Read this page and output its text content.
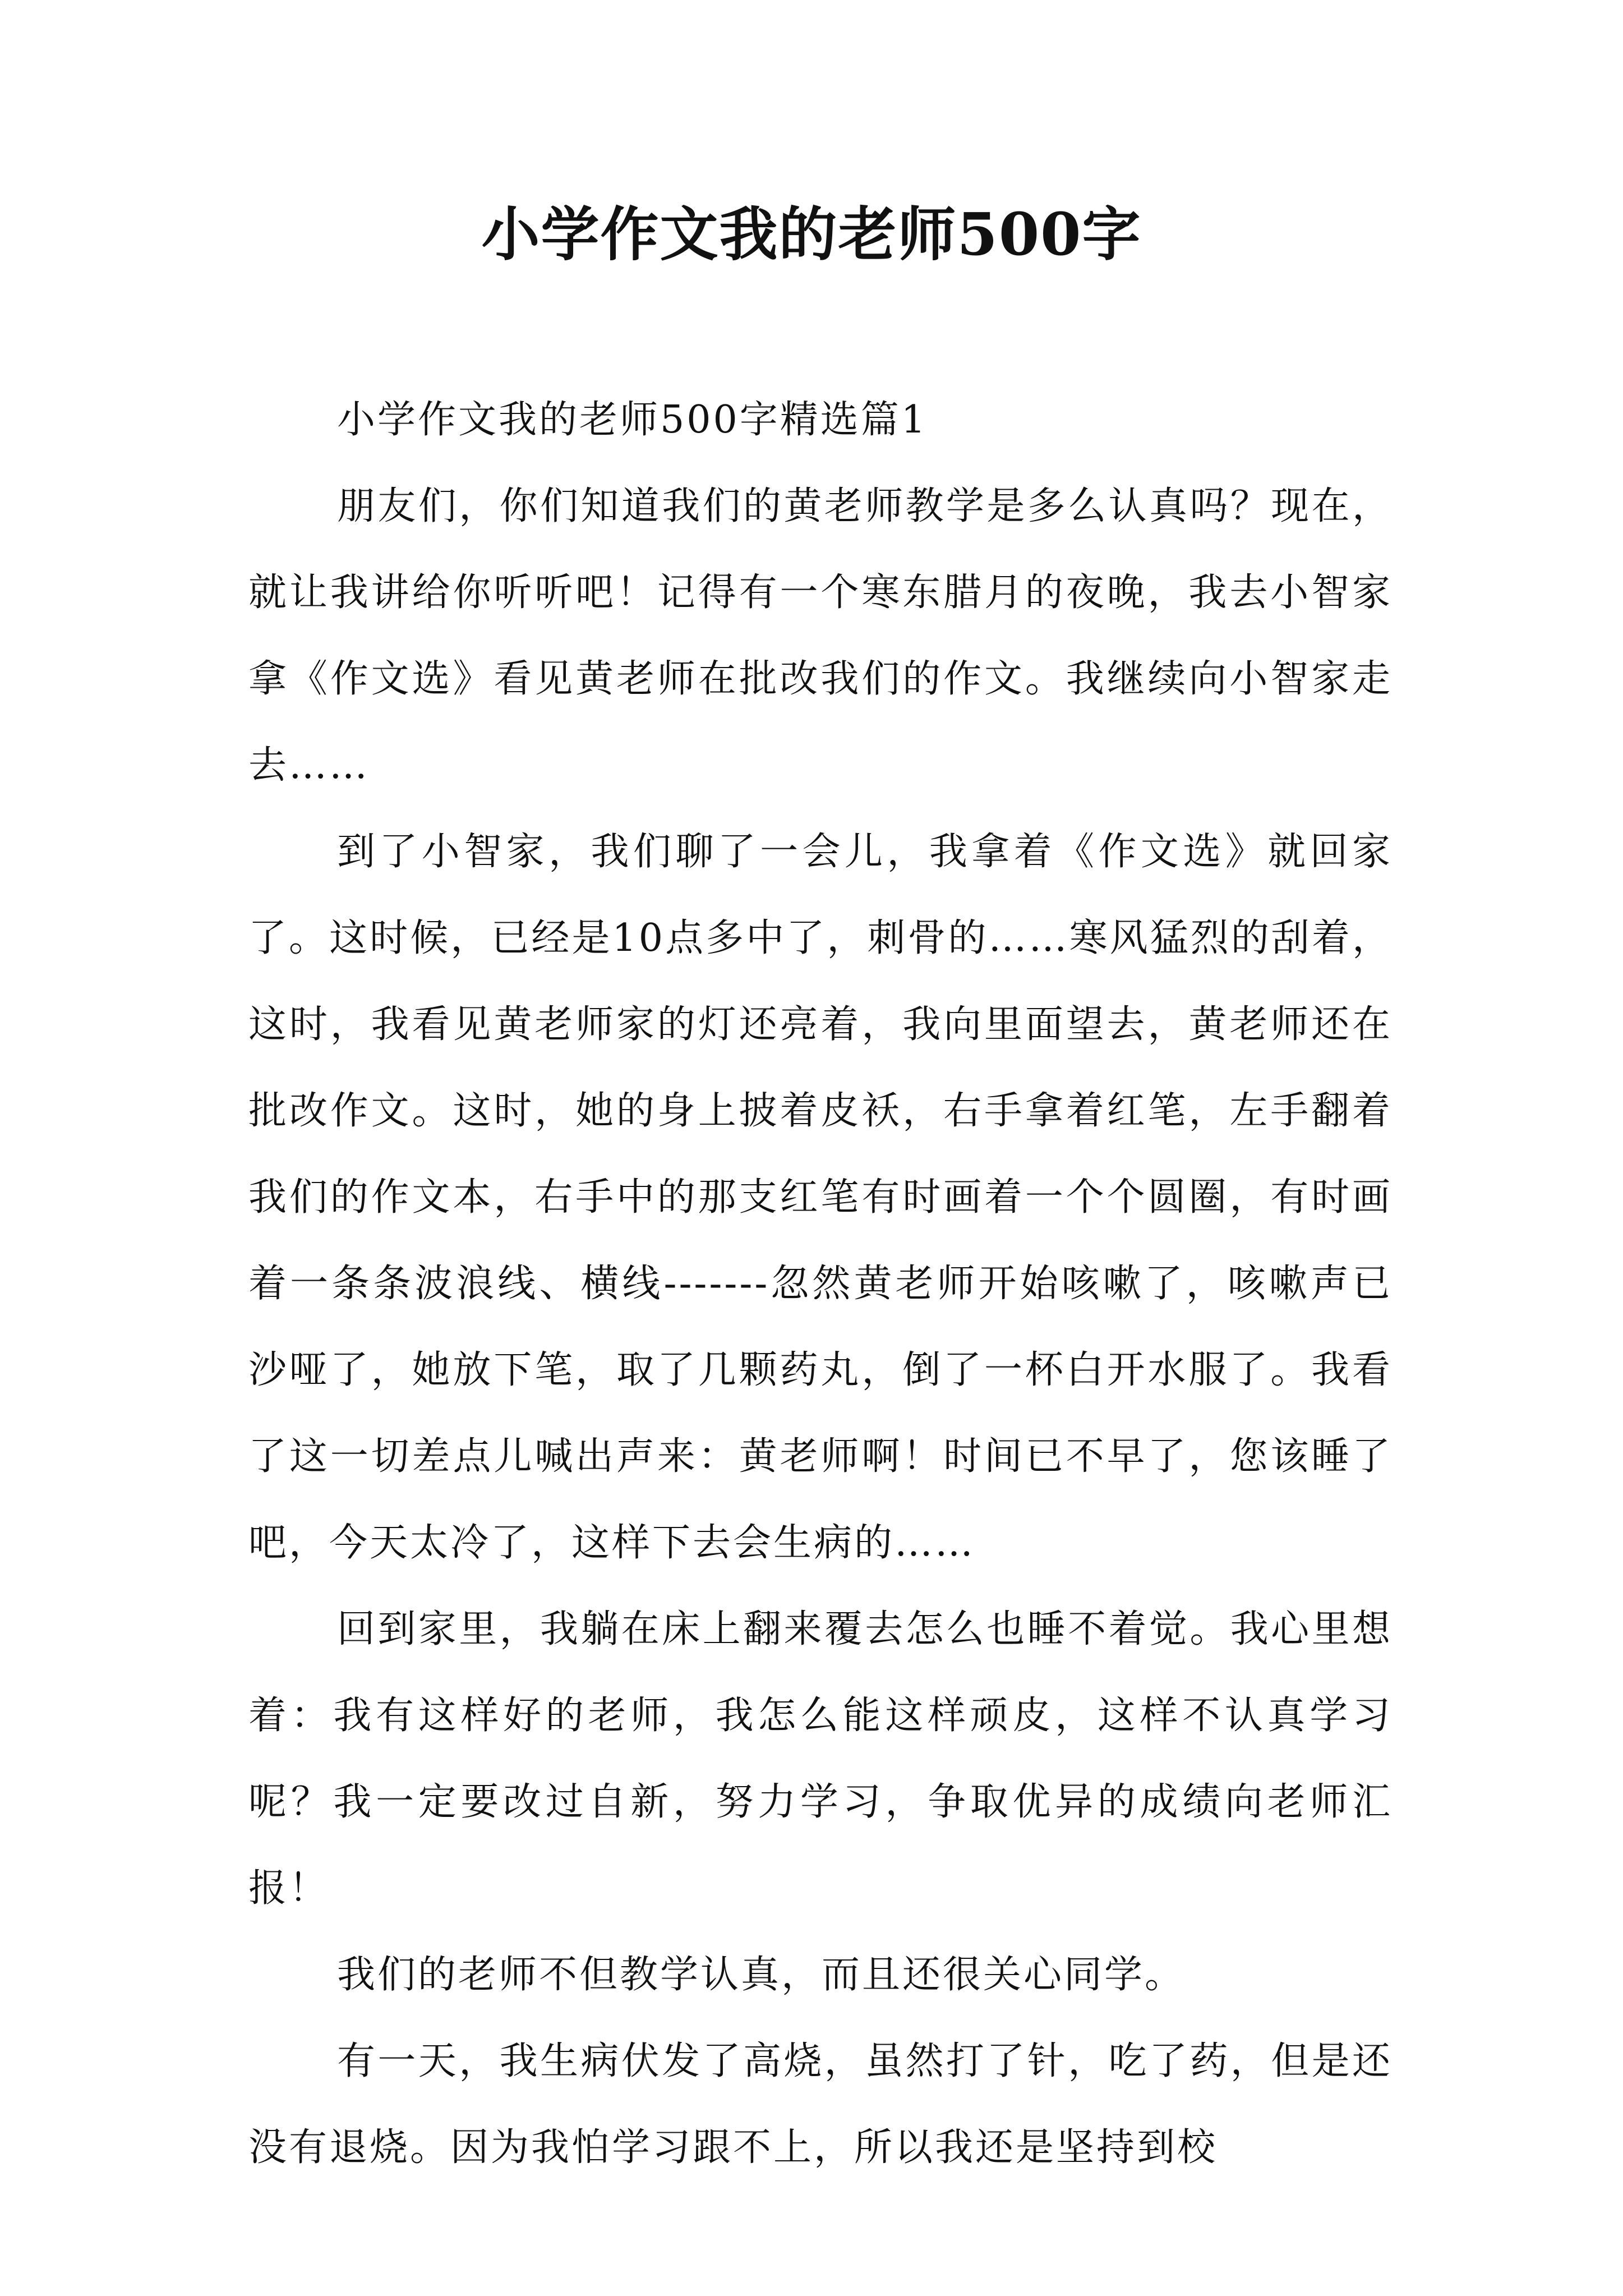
小学作文我的老师500字

小学作文我的老师500字精选篇1

朋友们，你们知道我们的黄老师教学是多么认真吗？现在，就让我讲给你听听吧！记得有一个寒东腊月的夜晚，我去小智家拿《作文选》看见黄老师在批改我们的作文。我继续向小智家走去……

到了小智家，我们聊了一会儿，我拿着《作文选》就回家了。这时候，已经是10点多中了，刺骨的……寒风猛烈的刮着，这时，我看见黄老师家的灯还亮着，我向里面望去，黄老师还在批改作文。这时，她的身上披着皮袄，右手拿着红笔，左手翻着我们的作文本，右手中的那支红笔有时画着一个个圆圈，有时画着一条条波浪线、横线-------忽然黄老师开始咳嗽了，咳嗽声已沙哑了，她放下笔，取了几颗药丸，倒了一杯白开水服了。我看了这一切差点儿喊出声来：黄老师啊！时间已不早了，您该睡了吧，今天太冷了，这样下去会生病的……

回到家里，我躺在床上翻来覆去怎么也睡不着觉。我心里想着：我有这样好的老师，我怎么能这样顽皮，这样不认真学习呢？我一定要改过自新，努力学习，争取优异的成绩向老师汇报！

我们的老师不但教学认真，而且还很关心同学。

有一天，我生病伏发了高烧，虽然打了针，吃了药，但是还没有退烧。因为我怕学习跟不上，所以我还是坚持到校
